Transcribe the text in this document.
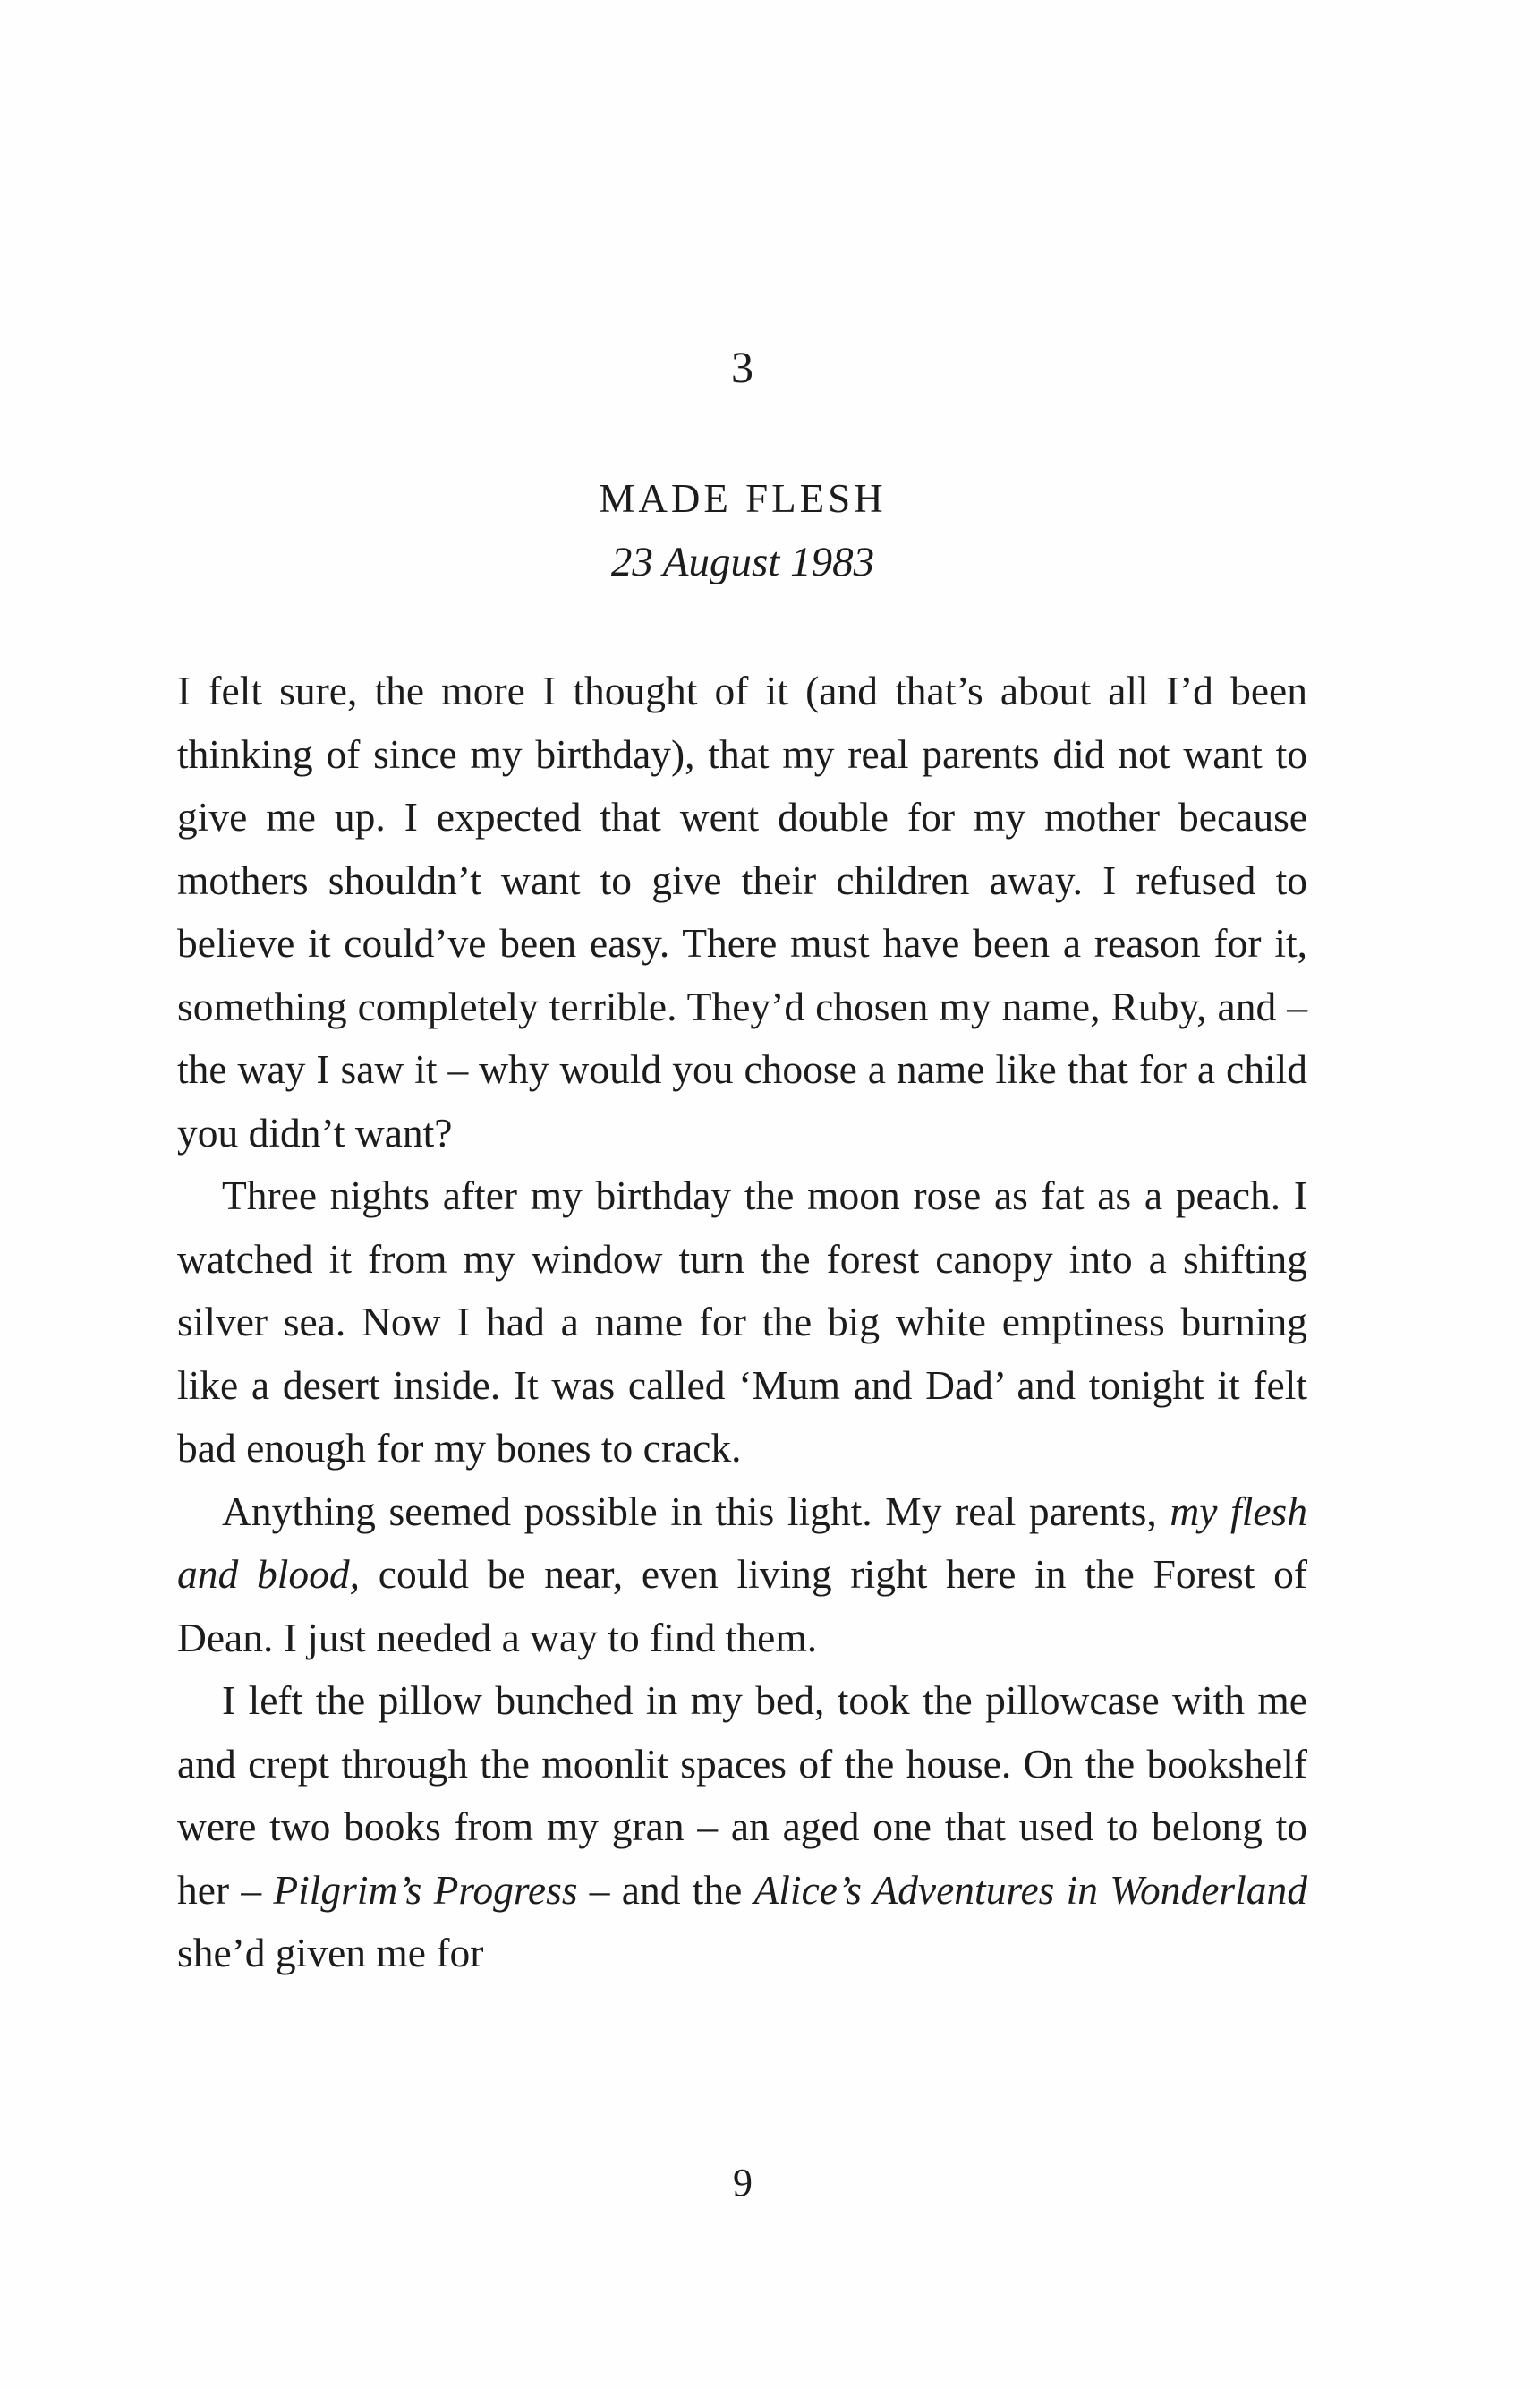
3
MADE FLESH
23 August 1983

I felt sure, the more I thought of it (and that’s about all I’d been thinking of since my birthday), that my real parents did not want to give me up. I expected that went double for my mother because mothers shouldn’t want to give their children away. I refused to believe it could’ve been easy. There must have been a reason for it, something completely terrible. They’d chosen my name, Ruby, and – the way I saw it – why would you choose a name like that for a child you didn’t want?

Three nights after my birthday the moon rose as fat as a peach. I watched it from my window turn the forest canopy into a shifting silver sea. Now I had a name for the big white emptiness burning like a desert inside. It was called ‘Mum and Dad’ and tonight it felt bad enough for my bones to crack.

Anything seemed possible in this light. My real parents, my flesh and blood, could be near, even living right here in the Forest of Dean. I just needed a way to find them.

I left the pillow bunched in my bed, took the pillowcase with me and crept through the moonlit spaces of the house. On the bookshelf were two books from my gran – an aged one that used to belong to her – Pilgrim’s Progress – and the Alice’s Adventures in Wonderland she’d given me for

9
